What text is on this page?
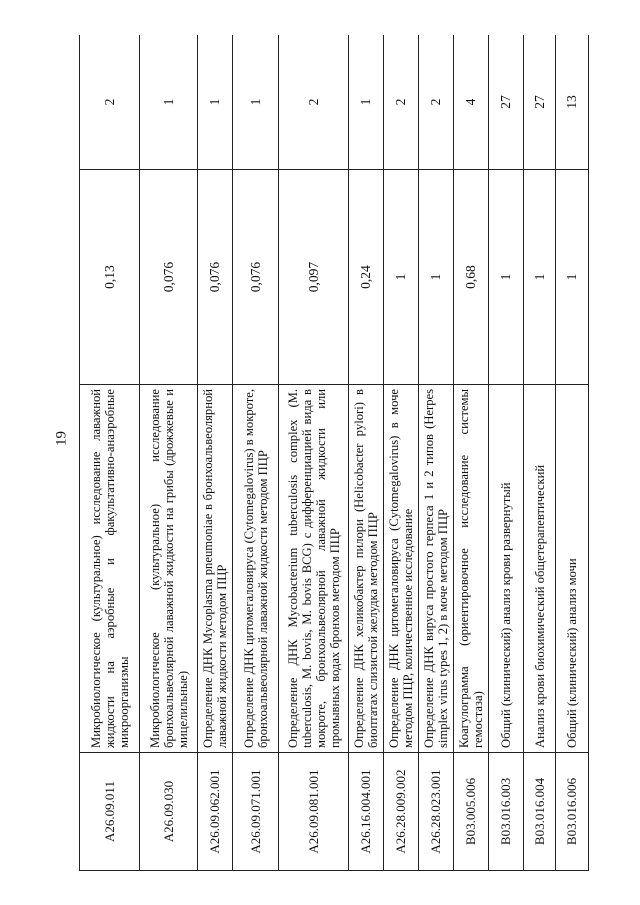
19
A26.09.011	Микробиологическое (культуральное) исследование лаважной жидкости на аэробные и факультативно-анаэробные микроорганизмы	0,13	2
A26.09.030	Микробиологическое (культуральное) исследование бронхоальвеолярной лаважной жидкости на грибы (дрожжевые и мицелильные)	0,076	1
A26.09.062.001	Определение ДНК Mycoplasma pneumoniae в бронхоальвеолярной лаважной жидкости методом ПЦР	0,076	1
A26.09.071.001	Определение ДНК цитомегаловируса (Cytomegalovirus) в мокроте, бронхоальвеолярной лаважной жидкости методом ПЦР	0,076	1
A26.09.081.001	Определение ДНК Mycobacterium tuberculosis complex (M. tuberculosis, M. bovis, M. bovis BCG) с дифференциацией вида в мокроте, бронхоальвеолярной лаважной жидкости или промывных водах бронхов методом ПЦР	0,097	2
A26.16.004.001	Определение ДНК хеликобактер пилори (Helicobacter pylori) в биоптатах слизистой желудка методом ПЦР	0,24	1
A26.28.009.002	Определение ДНК цитомегаловируса (Cytomegalovirus) в моче методом ПЦР, количественное исследование	1	2
A26.28.023.001	Определение ДНК вируса простого герпеса 1 и 2 типов (Herpes simplex virus types 1, 2) в моче методом ПЦР	1	2
B03.005.006	Коагулограмма (ориентировочное исследование системы гемостаза)	0,68	4
B03.016.003	Общий (клинический) анализ крови развернутый	1	27
B03.016.004	Анализ крови биохимический общетерапевтический	1	27
B03.016.006	Общий (клинический) анализ мочи	1	13
